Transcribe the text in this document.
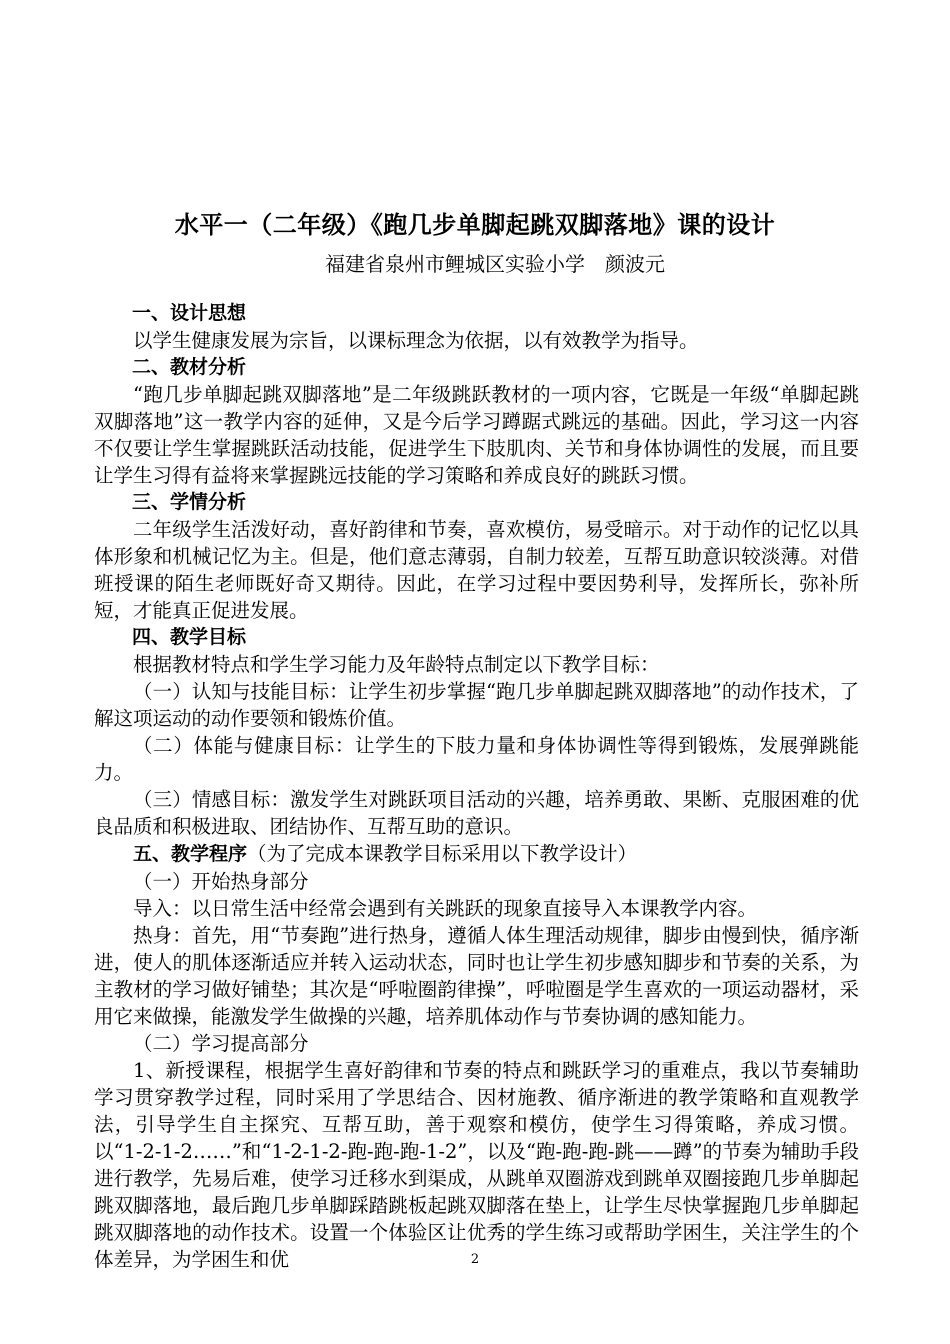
水平一（二年级）《跑几步单脚起跳双脚落地》课的设计
福建省泉州市鲤城区实验小学　颜波元

一、设计思想

以学生健康发展为宗旨，以课标理念为依据，以有效教学为指导。

二、教材分析

“跑几步单脚起跳双脚落地”是二年级跳跃教材的一项内容，它既是一年级“单脚起跳双脚落地”这一教学内容的延伸，又是今后学习蹲踞式跳远的基础。因此，学习这一内容不仅要让学生掌握跳跃活动技能，促进学生下肢肌肉、关节和身体协调性的发展，而且要让学生习得有益将来掌握跳远技能的学习策略和养成良好的跳跃习惯。

三、学情分析

二年级学生活泼好动，喜好韵律和节奏，喜欢模仿，易受暗示。对于动作的记忆以具体形象和机械记忆为主。但是，他们意志薄弱，自制力较差，互帮互助意识较淡薄。对借班授课的陌生老师既好奇又期待。因此，在学习过程中要因势利导，发挥所长，弥补所短，才能真正促进发展。

四、教学目标

根据教材特点和学生学习能力及年龄特点制定以下教学目标：

（一）认知与技能目标：让学生初步掌握“跑几步单脚起跳双脚落地”的动作技术，了解这项运动的动作要领和锻炼价值。

（二）体能与健康目标：让学生的下肢力量和身体协调性等得到锻炼，发展弹跳能力。

（三）情感目标：激发学生对跳跃项目活动的兴趣，培养勇敢、果断、克服困难的优良品质和积极进取、团结协作、互帮互助的意识。

五、教学程序（为了完成本课教学目标采用以下教学设计）

（一）开始热身部分

导入：以日常生活中经常会遇到有关跳跃的现象直接导入本课教学内容。

热身：首先，用“节奏跑”进行热身，遵循人体生理活动规律，脚步由慢到快，循序渐进，使人的肌体逐渐适应并转入运动状态，同时也让学生初步感知脚步和节奏的关系，为主教材的学习做好铺垫；其次是“呼啦圈韵律操”，呼啦圈是学生喜欢的一项运动器材，采用它来做操，能激发学生做操的兴趣，培养肌体动作与节奏协调的感知能力。

（二）学习提高部分

1、新授课程，根据学生喜好韵律和节奏的特点和跳跃学习的重难点，我以节奏辅助学习贯穿教学过程，同时采用了学思结合、因材施教、循序渐进的教学策略和直观教学法，引导学生自主探究、互帮互助，善于观察和模仿，使学生习得策略，养成习惯。以“1-2-1-2……”和“1-2-1-2-跑-跑-跑-1-2”，以及“跑-跑-跑-跳——蹲”的节奏为辅助手段进行教学，先易后难，使学习迁移水到渠成，从跳单双圈游戏到跳单双圈接跑几步单脚起跳双脚落地，最后跑几步单脚踩踏跳板起跳双脚落在垫上，让学生尽快掌握跑几步单脚起跳双脚落地的动作技术。设置一个体验区让优秀的学生练习或帮助学困生，关注学生的个体差异，为学困生和优	2
